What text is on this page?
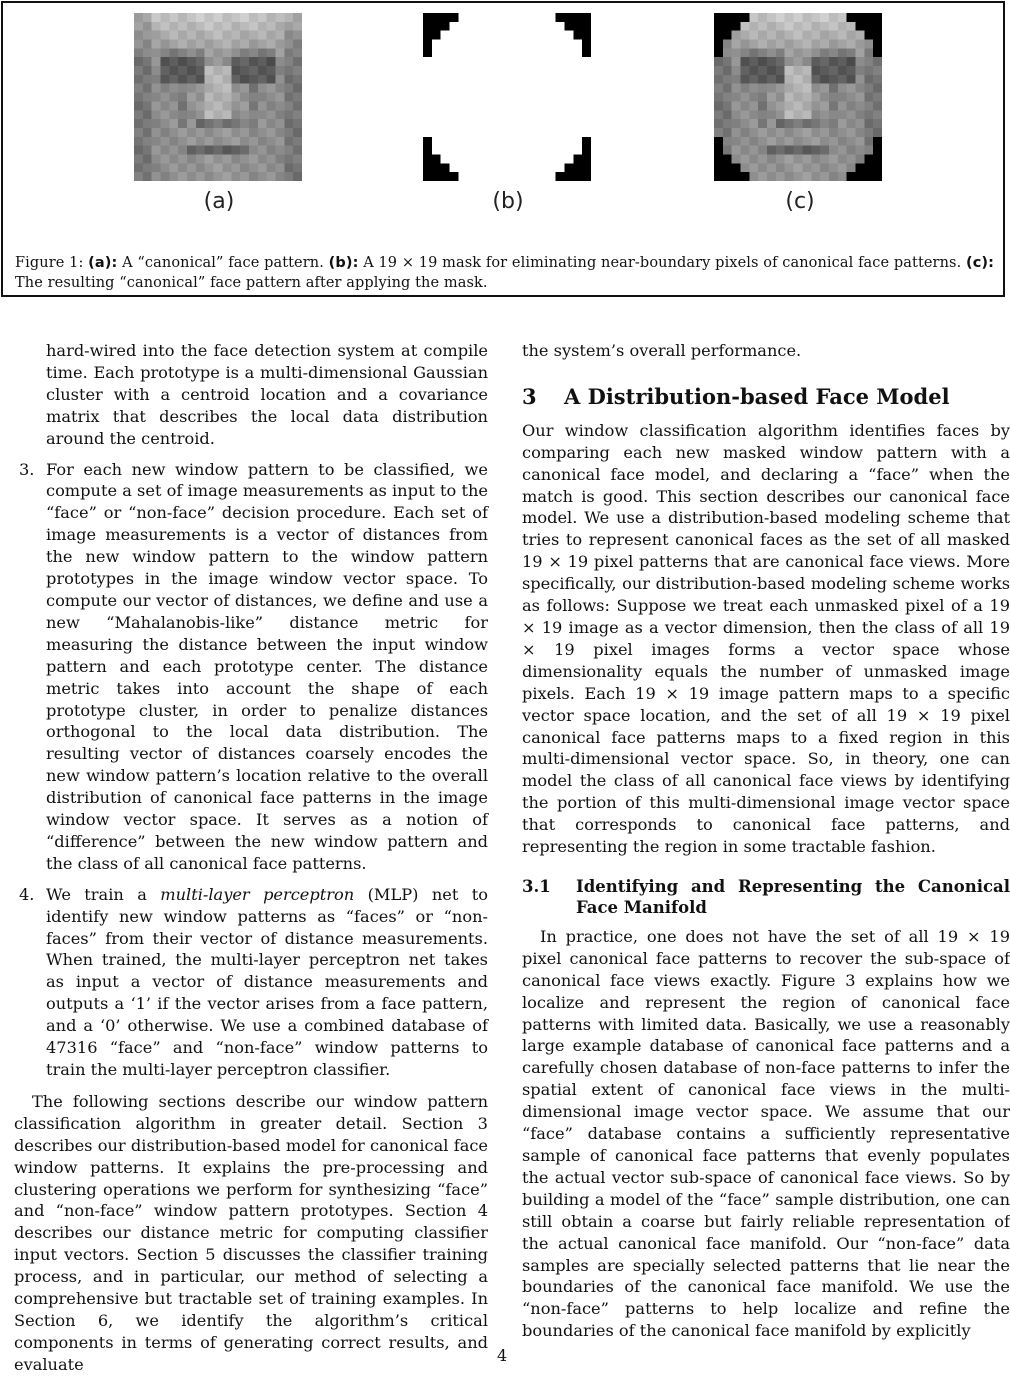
(a)	(b)	(c)
Figure 1: (a): A “canonical” face pattern. (b): A 19 × 19 mask for eliminating near-boundary pixels of canonical face patterns. (c): The resulting “canonical” face pattern after applying the mask.

hard-wired into the face detection system at compile time. Each prototype is a multi-dimensional Gaussian cluster with a centroid location and a covariance matrix that describes the local data distribution around the centroid.

3. For each new window pattern to be classified, we compute a set of image measurements as input to the “face” or “non-face” decision procedure. Each set of image measurements is a vector of distances from the new window pattern to the window pattern prototypes in the image window vector space. To compute our vector of distances, we define and use a new “Mahalanobis-like” distance metric for measuring the distance between the input window pattern and each prototype center. The distance metric takes into account the shape of each prototype cluster, in order to penalize distances orthogonal to the local data distribution. The resulting vector of distances coarsely encodes the new window pattern’s location relative to the overall distribution of canonical face patterns in the image window vector space. It serves as a notion of “difference” between the new window pattern and the class of all canonical face patterns.

4. We train a multi-layer perceptron (MLP) net to identify new window patterns as “faces” or “non-faces” from their vector of distance measurements. When trained, the multi-layer perceptron net takes as input a vector of distance measurements and outputs a ‘1’ if the vector arises from a face pattern, and a ‘0’ otherwise. We use a combined database of 47316 “face” and “non-face” window patterns to train the multi-layer perceptron classifier.

The following sections describe our window pattern classification algorithm in greater detail. Section 3 describes our distribution-based model for canonical face window patterns. It explains the pre-processing and clustering operations we perform for synthesizing “face” and “non-face” window pattern prototypes. Section 4 describes our distance metric for computing classifier input vectors. Section 5 discusses the classifier training process, and in particular, our method of selecting a comprehensive but tractable set of training examples. In Section 6, we identify the algorithm’s critical components in terms of generating correct results, and evaluate

the system’s overall performance.

3	A Distribution-based Face Model

Our window classification algorithm identifies faces by comparing each new masked window pattern with a canonical face model, and declaring a “face” when the match is good. This section describes our canonical face model. We use a distribution-based modeling scheme that tries to represent canonical faces as the set of all masked 19 × 19 pixel patterns that are canonical face views. More specifically, our distribution-based modeling scheme works as follows: Suppose we treat each unmasked pixel of a 19 × 19 image as a vector dimension, then the class of all 19 × 19 pixel images forms a vector space whose dimensionality equals the number of unmasked image pixels. Each 19 × 19 image pattern maps to a specific vector space location, and the set of all 19 × 19 pixel canonical face patterns maps to a fixed region in this multi-dimensional vector space. So, in theory, one can model the class of all canonical face views by identifying the portion of this multi-dimensional image vector space that corresponds to canonical face patterns, and representing the region in some tractable fashion.

3.1	Identifying and Representing the Canonical Face Manifold

In practice, one does not have the set of all 19 × 19 pixel canonical face patterns to recover the sub-space of canonical face views exactly. Figure 3 explains how we localize and represent the region of canonical face patterns with limited data. Basically, we use a reasonably large example database of canonical face patterns and a carefully chosen database of non-face patterns to infer the spatial extent of canonical face views in the multi-dimensional image vector space. We assume that our “face” database contains a sufficiently representative sample of canonical face patterns that evenly populates the actual vector sub-space of canonical face views. So by building a model of the “face” sample distribution, one can still obtain a coarse but fairly reliable representation of the actual canonical face manifold. Our “non-face” data samples are specially selected patterns that lie near the boundaries of the canonical face manifold. We use the “non-face” patterns to help localize and refine the boundaries of the canonical face manifold by explicitly

4
